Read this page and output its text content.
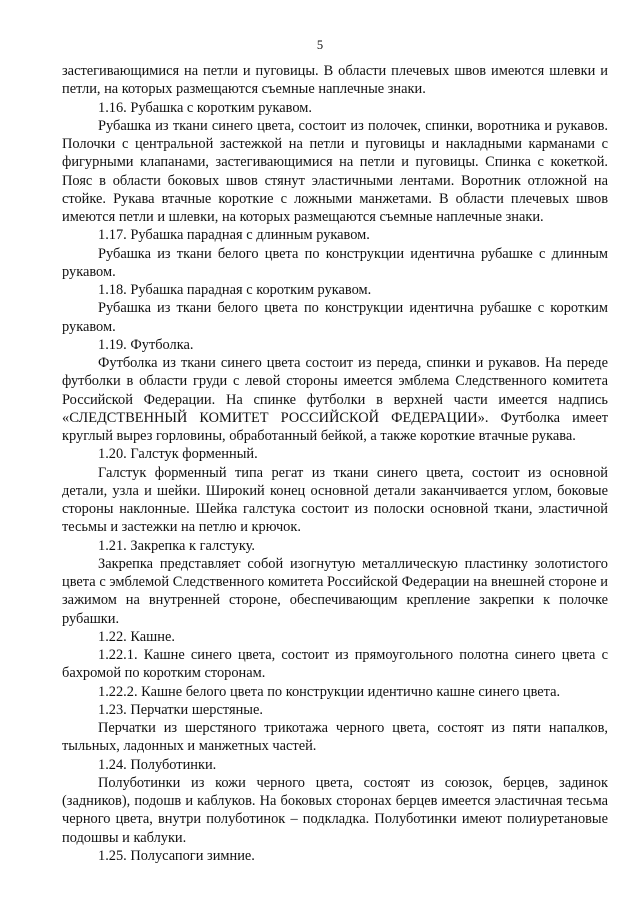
5

застегивающимися на петли и пуговицы. В области плечевых швов имеются шлевки и петли, на которых размещаются съемные наплечные знаки.

1.16. Рубашка с коротким рукавом.

Рубашка из ткани синего цвета, состоит из полочек, спинки, воротника и рукавов. Полочки с центральной застежкой на петли и пуговицы и накладными карманами с фигурными клапанами, застегивающимися на петли и пуговицы. Спинка с кокеткой. Пояс в области боковых швов стянут эластичными лентами. Воротник отложной на стойке. Рукава втачные короткие с ложными манжетами. В области плечевых швов имеются петли и шлевки, на которых размещаются съемные наплечные знаки.

1.17. Рубашка парадная с длинным рукавом.

Рубашка из ткани белого цвета по конструкции идентична рубашке с длинным рукавом.

1.18. Рубашка парадная с коротким рукавом.

Рубашка из ткани белого цвета по конструкции идентична рубашке с коротким рукавом.

1.19. Футболка.

Футболка из ткани синего цвета состоит из переда, спинки и рукавов. На переде футболки в области груди с левой стороны имеется эмблема Следственного комитета Российской Федерации. На спинке футболки в верхней части имеется надпись «СЛЕДСТВЕННЫЙ КОМИТЕТ РОССИЙСКОЙ ФЕДЕРАЦИИ». Футболка имеет круглый вырез горловины, обработанный бейкой, а также короткие втачные рукава.

1.20. Галстук форменный.

Галстук форменный типа регат из ткани синего цвета, состоит из основной детали, узла и шейки. Широкий конец основной детали заканчивается углом, боковые стороны наклонные. Шейка галстука состоит из полоски основной ткани, эластичной тесьмы и застежки на петлю и крючок.

1.21. Закрепка к галстуку.

Закрепка представляет собой изогнутую металлическую пластинку золотистого цвета с эмблемой Следственного комитета Российской Федерации на внешней стороне и зажимом на внутренней стороне, обеспечивающим крепление закрепки к полочке рубашки.

1.22. Кашне.

1.22.1. Кашне синего цвета, состоит из прямоугольного полотна синего цвета с бахромой по коротким сторонам.

1.22.2. Кашне белого цвета по конструкции идентично кашне синего цвета.

1.23. Перчатки шерстяные.

Перчатки из шерстяного трикотажа черного цвета, состоят из пяти напалков, тыльных, ладонных и манжетных частей.

1.24. Полуботинки.

Полуботинки из кожи черного цвета, состоят из союзок, берцев, задинок (задников), подошв и каблуков. На боковых сторонах берцев имеется эластичная тесьма черного цвета, внутри полуботинок – подкладка. Полуботинки имеют полиуретановые подошвы и каблуки.

1.25. Полусапоги зимние.
